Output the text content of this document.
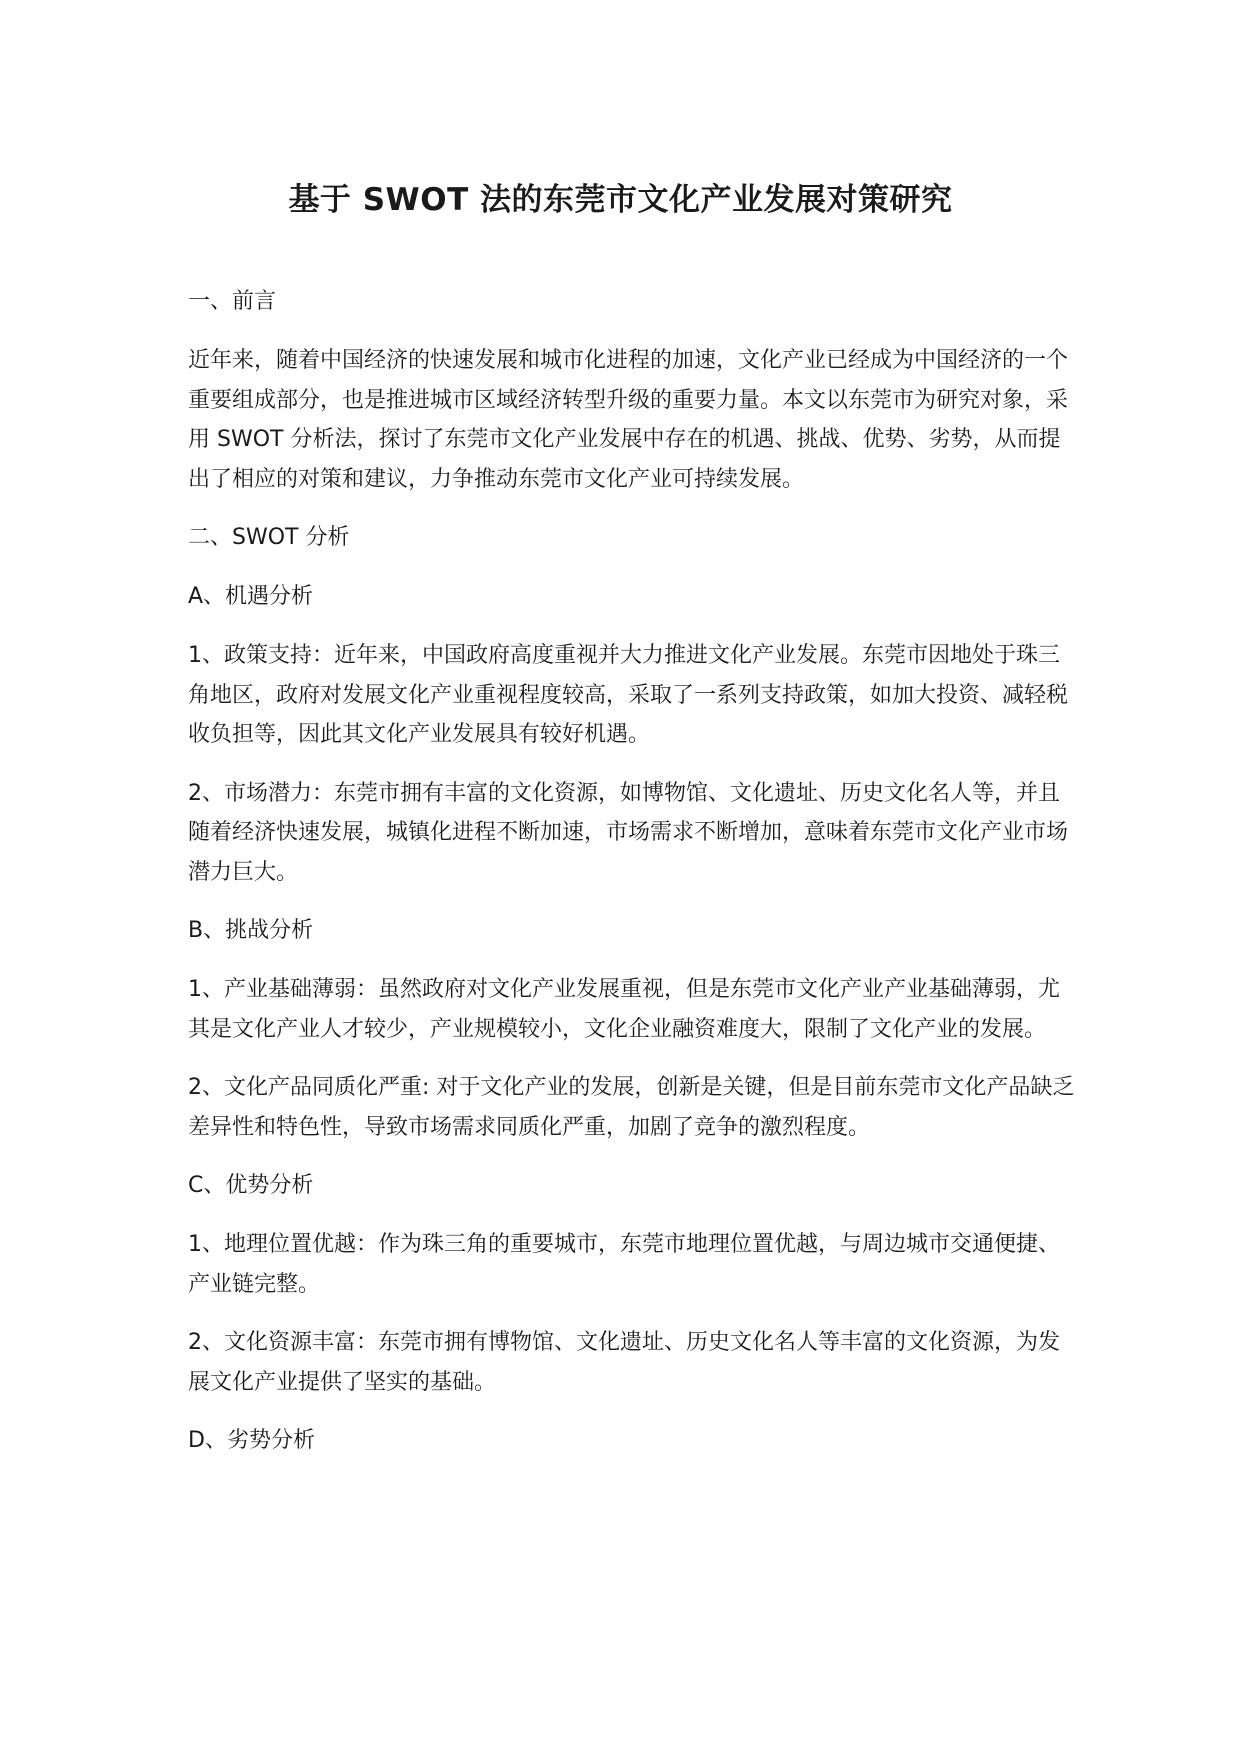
基于 SWOT 法的东莞市文化产业发展对策研究
一、前言

近年来，随着中国经济的快速发展和城市化进程的加速，文化产业已经成为中国经济的一个重要组成部分，也是推进城市区域经济转型升级的重要力量。本文以东莞市为研究对象，采用 SWOT 分析法，探讨了东莞市文化产业发展中存在的机遇、挑战、优势、劣势，从而提出了相应的对策和建议，力争推动东莞市文化产业可持续发展。

二、SWOT 分析
A、机遇分析

1、政策支持：近年来，中国政府高度重视并大力推进文化产业发展。东莞市因地处于珠三角地区，政府对发展文化产业重视程度较高，采取了一系列支持政策，如加大投资、减轻税收负担等，因此其文化产业发展具有较好机遇。

2、市场潜力：东莞市拥有丰富的文化资源，如博物馆、文化遗址、历史文化名人等，并且随着经济快速发展，城镇化进程不断加速，市场需求不断增加，意味着东莞市文化产业市场潜力巨大。

B、挑战分析

1、产业基础薄弱：虽然政府对文化产业发展重视，但是东莞市文化产业产业基础薄弱，尤其是文化产业人才较少，产业规模较小，文化企业融资难度大，限制了文化产业的发展。

2、文化产品同质化严重: 对于文化产业的发展，创新是关键，但是目前东莞市文化产品缺乏差异性和特色性，导致市场需求同质化严重，加剧了竞争的激烈程度。

C、优势分析

1、地理位置优越：作为珠三角的重要城市，东莞市地理位置优越，与周边城市交通便捷、产业链完整。

2、文化资源丰富：东莞市拥有博物馆、文化遗址、历史文化名人等丰富的文化资源，为发展文化产业提供了坚实的基础。

D、劣势分析
